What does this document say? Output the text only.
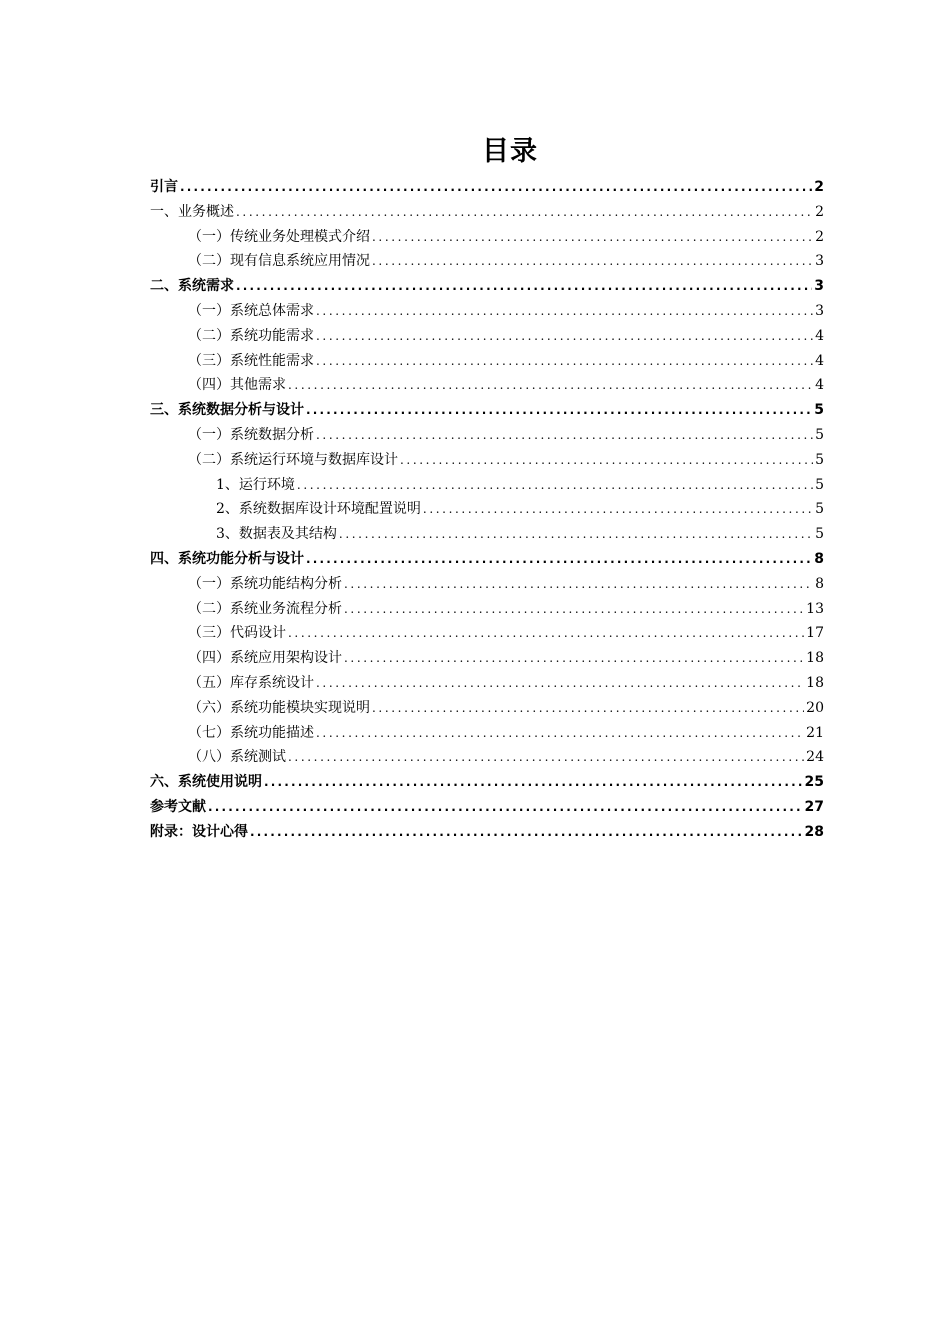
目录
引言 .....	2
一、业务概述 .....	2
（一）传统业务处理模式介绍 .....	2
（二）现有信息系统应用情况 .....	3
二、系统需求 .....	3
（一）系统总体需求 .....	3
（二）系统功能需求 .....	4
（三）系统性能需求 .....	4
（四）其他需求 .....	4
三、系统数据分析与设计 .....	5
（一）系统数据分析 .....	5
（二）系统运行环境与数据库设计 .....	5
1、运行环境 .....	5
2、系统数据库设计环境配置说明 .....	5
3、数据表及其结构 .....	5
四、系统功能分析与设计 .....	8
（一）系统功能结构分析 .....	8
（二）系统业务流程分析 .....	13
（三）代码设计 .....	17
（四）系统应用架构设计 .....	18
（五）库存系统设计 .....	18
（六）系统功能模块实现说明 .....	20
（七）系统功能描述 .....	21
（八）系统测试 .....	24
六、系统使用说明 .....	25
参考文献 .....	27
附录：设计心得 .....	28
